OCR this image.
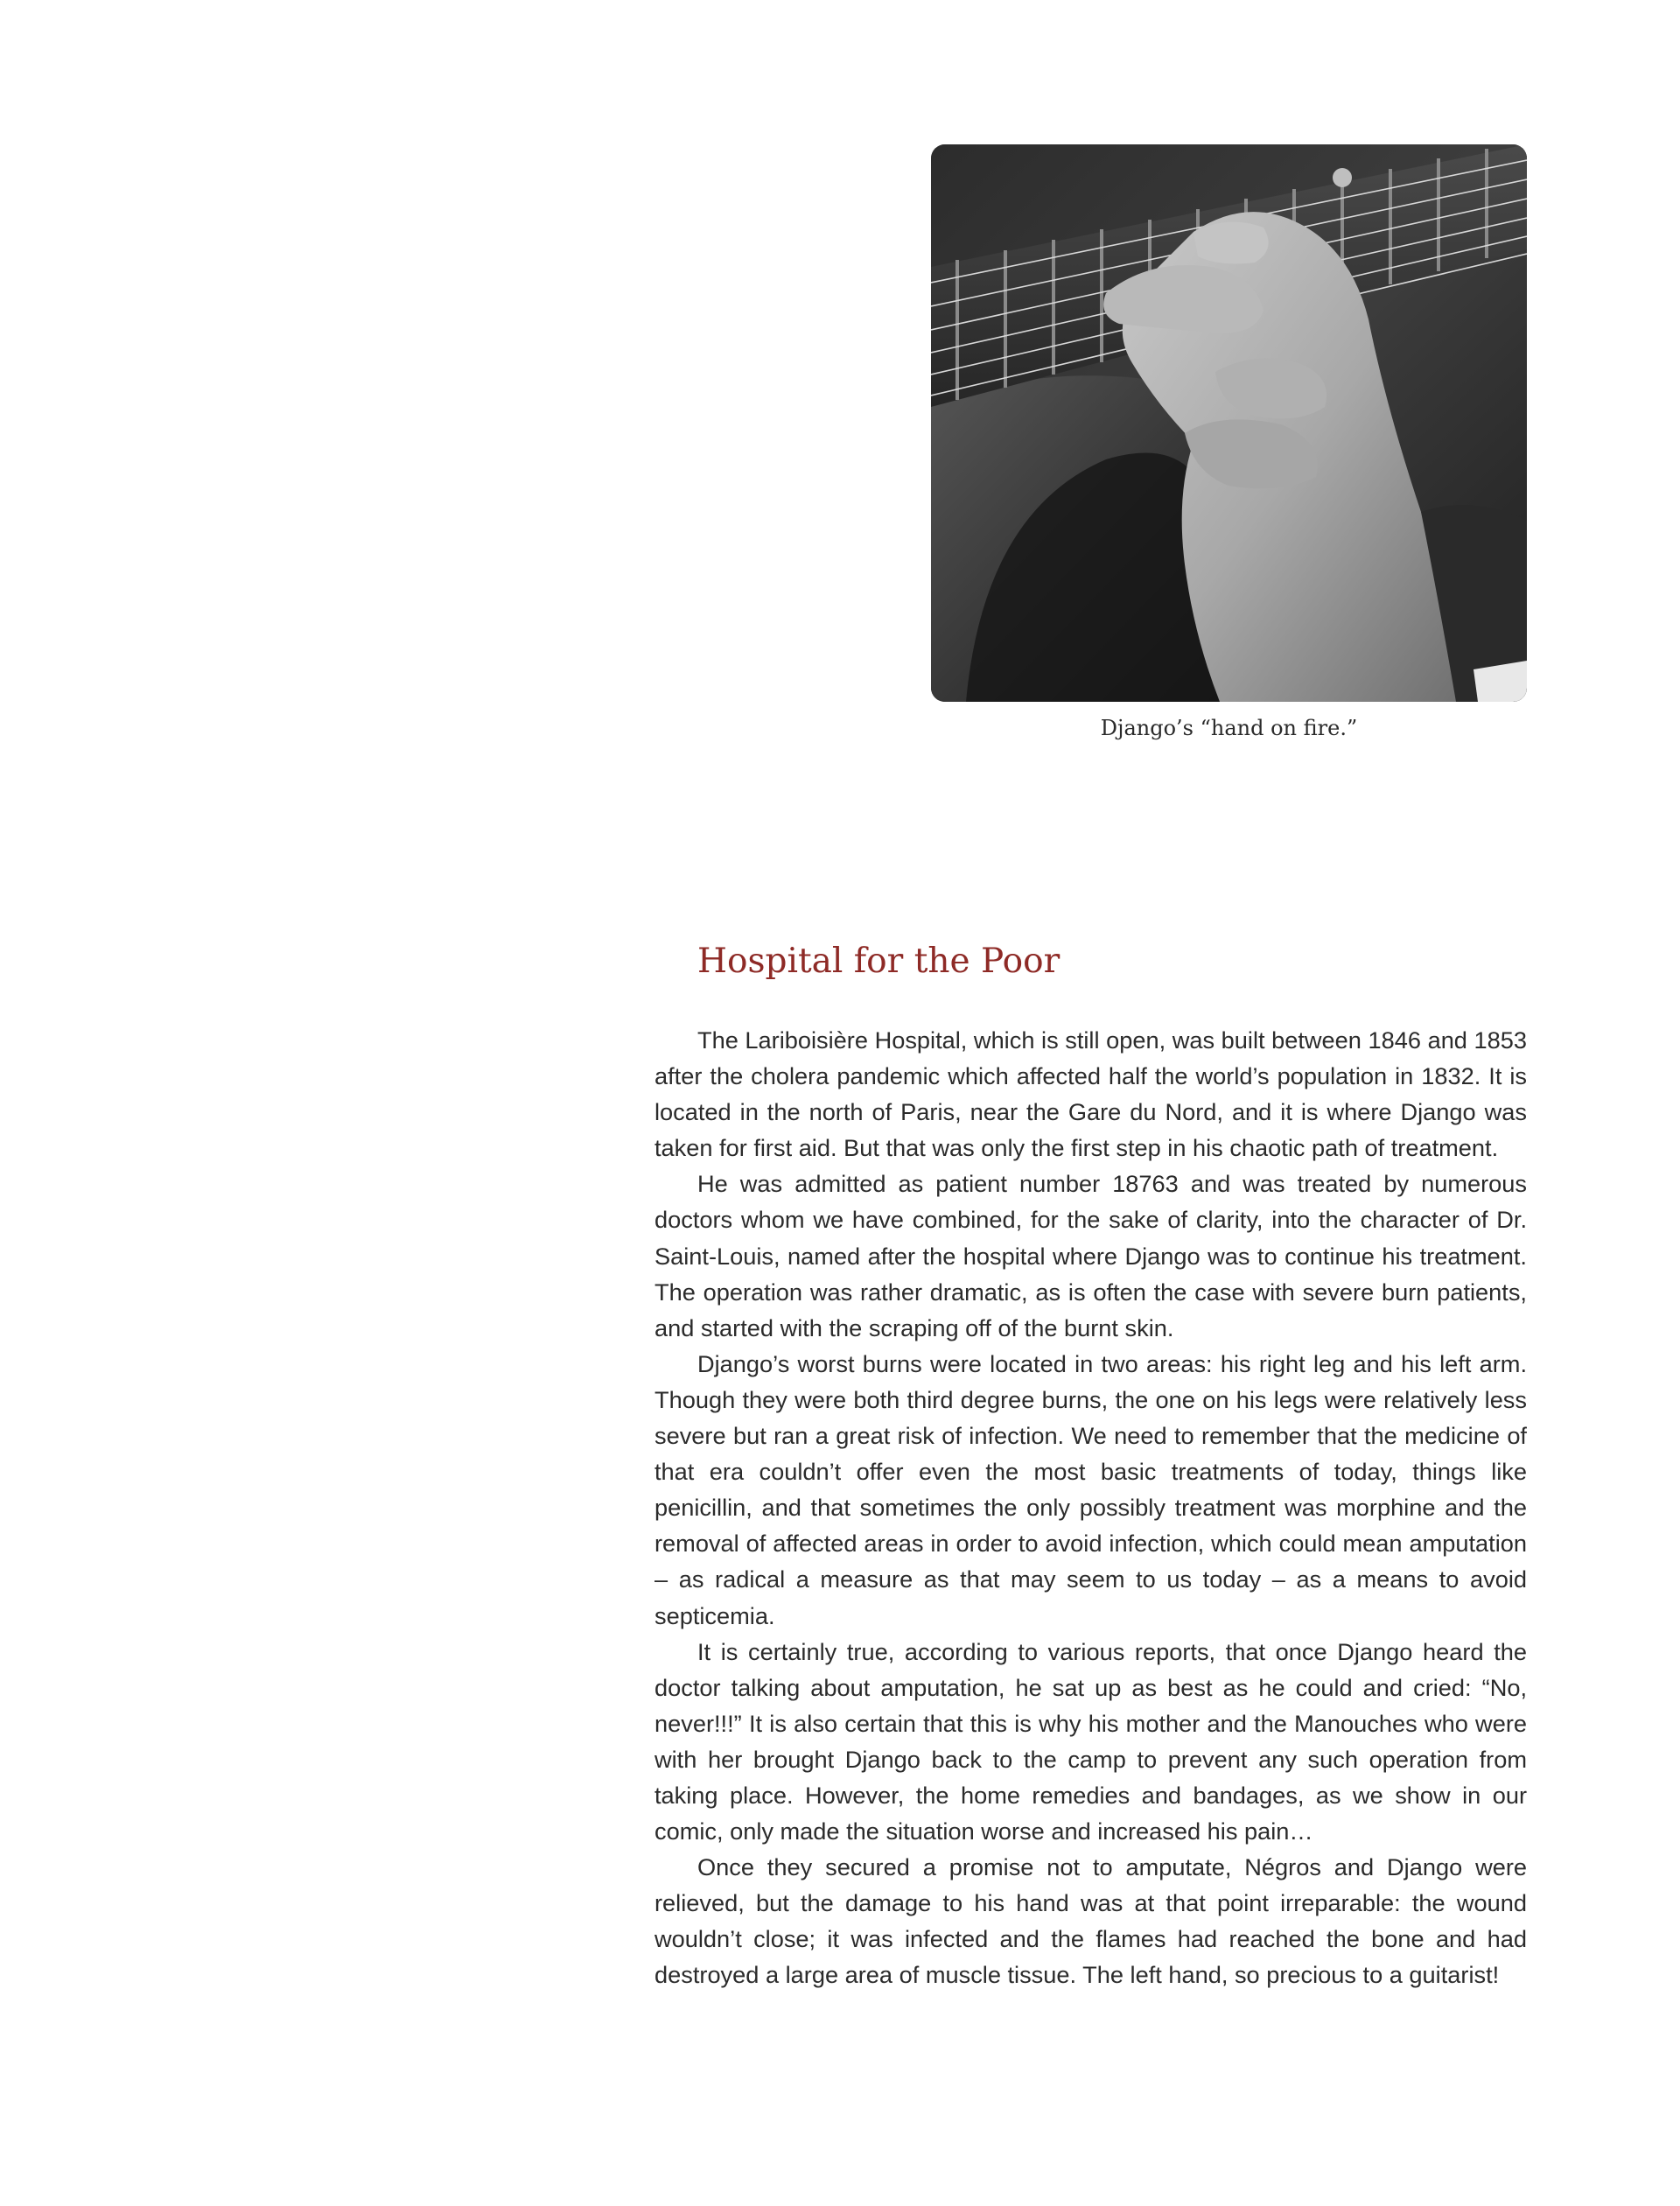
Django’s “hand on fire.”
Hospital for the Poor

The Lariboisière Hospital, which is still open, was built between 1846 and 1853 after the cholera pandemic which affected half the world’s population in 1832. It is located in the north of Paris, near the Gare du Nord, and it is where Django was taken for first aid. But that was only the first step in his chaotic path of treatment.

He was admitted as patient number 18763 and was treated by numerous doctors whom we have combined, for the sake of clarity, into the character of Dr. Saint-Louis, named after the hospital where Django was to continue his treatment. The operation was rather dramatic, as is often the case with severe burn patients, and started with the scraping off of the burnt skin.

Django’s worst burns were located in two areas: his right leg and his left arm. Though they were both third degree burns, the one on his legs were relatively less severe but ran a great risk of infection. We need to remember that the medicine of that era couldn’t offer even the most basic treatments of today, things like penicillin, and that sometimes the only possibly treatment was morphine and the removal of affected areas in order to avoid infection, which could mean amputation – as radical a measure as that may seem to us today – as a means to avoid septicemia.

It is certainly true, according to various reports, that once Django heard the doctor talking about amputation, he sat up as best as he could and cried: “No, never!!!” It is also certain that this is why his mother and the Manouches who were with her brought Django back to the camp to prevent any such operation from taking place. However, the home remedies and bandages, as we show in our comic, only made the situation worse and increased his pain…

Once they secured a promise not to amputate, Négros and Django were relieved, but the damage to his hand was at that point irreparable: the wound wouldn’t close; it was infected and the flames had reached the bone and had destroyed a large area of muscle tissue. The left hand, so precious to a guitarist!
